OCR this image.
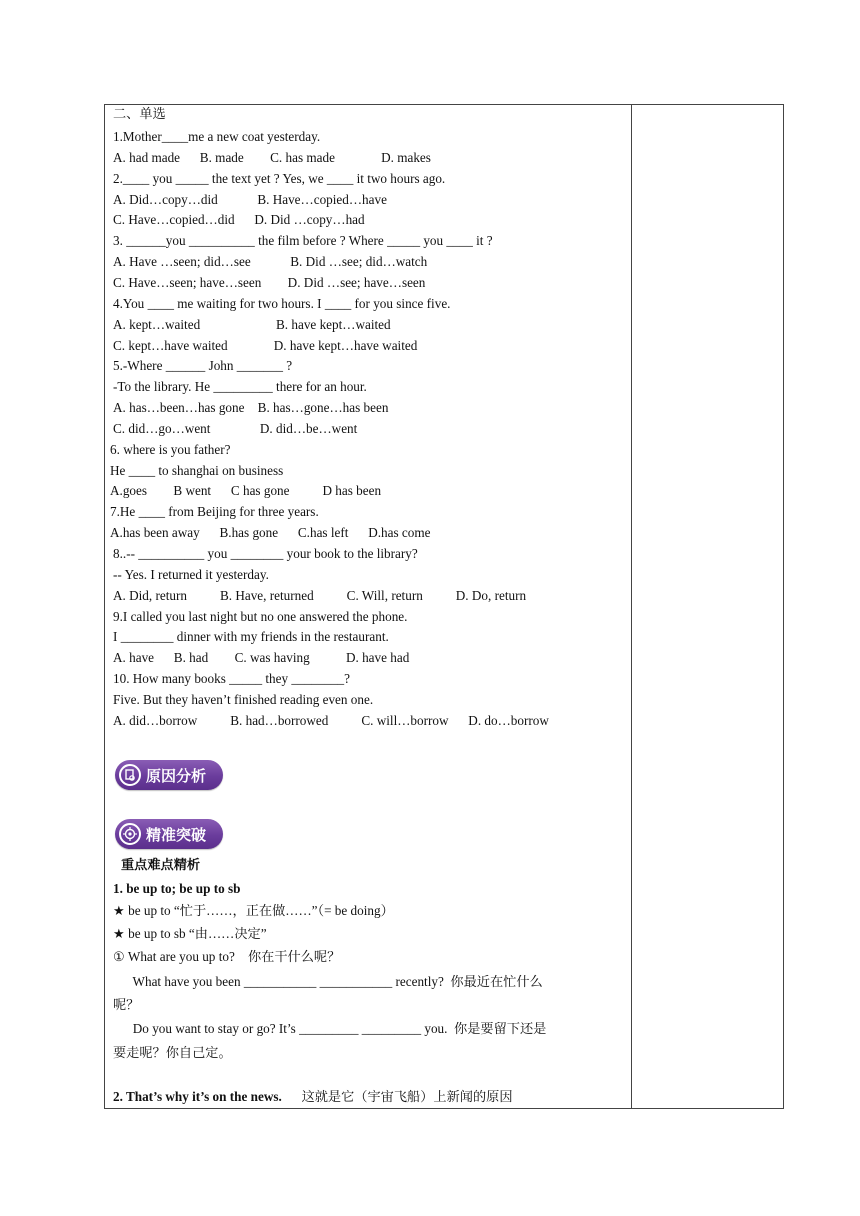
二、单选
1.Mother____me a new coat yesterday.
A. had made      B. made        C. has made              D. makes
2.____ you _____ the text yet ? Yes, we ____ it two hours ago.
A. Did…copy…did            B. Have…copied…have
C. Have…copied…did      D. Did …copy…had
3. ______you __________ the film before ? Where _____ you ____ it ?
A. Have …seen; did…see            B. Did …see; did…watch
C. Have…seen; have…seen        D. Did …see; have…seen
4.You ____ me waiting for two hours. I ____ for you since five.
A. kept…waited                       B. have kept…waited
C. kept…have waited              D. have kept…have waited
5.-Where ______ John _______ ?
-To the library. He _________ there for an hour.
A. has…been…has gone    B. has…gone…has been
C. did…go…went               D. did…be…went
6. where is you father?
He ____ to shanghai on business
A.goes        B went      C has gone          D has been
7.He ____ from Beijing for three years.
A.has been away      B.has gone      C.has left      D.has come
8..-- __________ you ________ your book to the library?
-- Yes. I returned it yesterday.
A. Did, return          B. Have, returned          C. Will, return          D. Do, return
9.I called you last night but no one answered the phone.
I ________ dinner with my friends in the restaurant.
A. have      B. had        C. was having           D. have had
10. How many books _____ they ________?
Five. But they haven’t finished reading even one.
A. did…borrow          B. had…borrowed          C. will…borrow      D. do…borrow
原因分析
精准突破
重点难点精析
1. be up to; be up to sb
★ be up to “忙于……，正在做……”（= be doing）
★ be up to sb “由……决定”
① What are you up to?    你在干什么呢？
What have you been ___________ ___________ recently?  你最近在忙什么
呢？
Do you want to stay or go? It’s _________ _________ you.  你是要留下还是
要走呢？你自己定。
2. That’s why it’s on the news. 这就是它（宇宙飞船）上新闻的原因
